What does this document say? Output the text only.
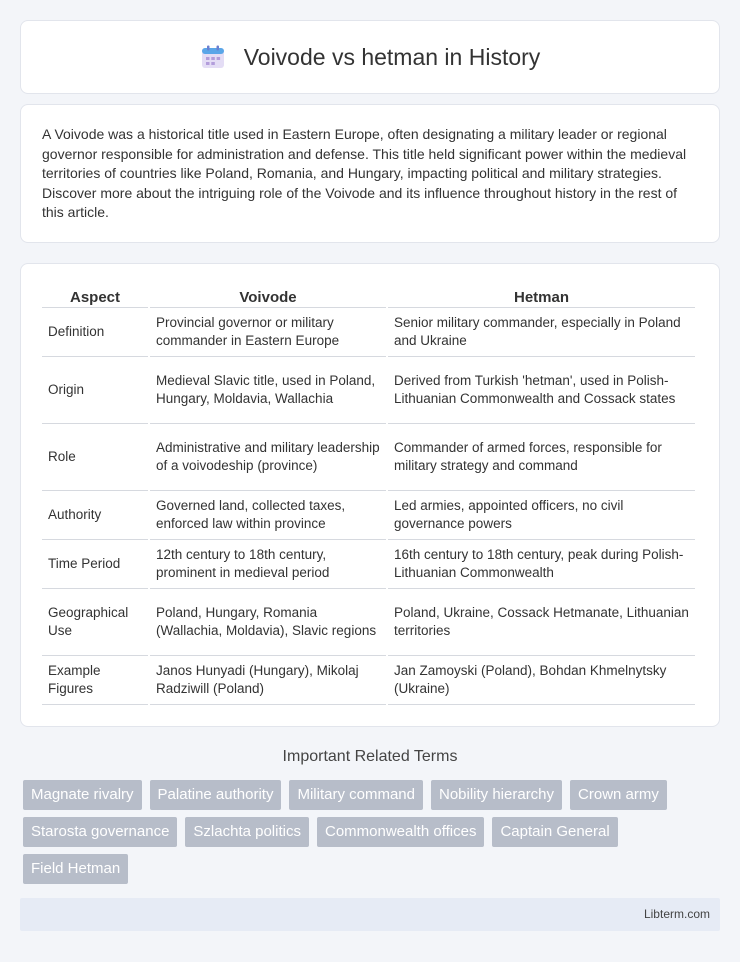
Voivode vs hetman in History

A Voivode was a historical title used in Eastern Europe, often designating a military leader or regional governor responsible for administration and defense. This title held significant power within the medieval territories of countries like Poland, Romania, and Hungary, impacting political and military strategies. Discover more about the intriguing role of the Voivode and its influence throughout history in the rest of this article.

Aspect	Voivode	Hetman
Definition	Provincial governor or military commander in Eastern Europe	Senior military commander, especially in Poland and Ukraine
Origin	Medieval Slavic title, used in Poland, Hungary, Moldavia, Wallachia	Derived from Turkish 'hetman', used in Polish-Lithuanian Commonwealth and Cossack states
Role	Administrative and military leadership of a voivodeship (province)	Commander of armed forces, responsible for military strategy and command
Authority	Governed land, collected taxes, enforced law within province	Led armies, appointed officers, no civil governance powers
Time Period	12th century to 18th century, prominent in medieval period	16th century to 18th century, peak during Polish-Lithuanian Commonwealth
Geographical Use	Poland, Hungary, Romania (Wallachia, Moldavia), Slavic regions	Poland, Ukraine, Cossack Hetmanate, Lithuanian territories
Example Figures	Janos Hunyadi (Hungary), Mikolaj Radziwill (Poland)	Jan Zamoyski (Poland), Bohdan Khmelnytsky (Ukraine)
Important Related Terms
Magnate rivalry	Palatine authority	Military command	Nobility hierarchy	Crown army
Starosta governance	Szlachta politics	Commonwealth offices	Captain General
Field Hetman
Libterm.com
